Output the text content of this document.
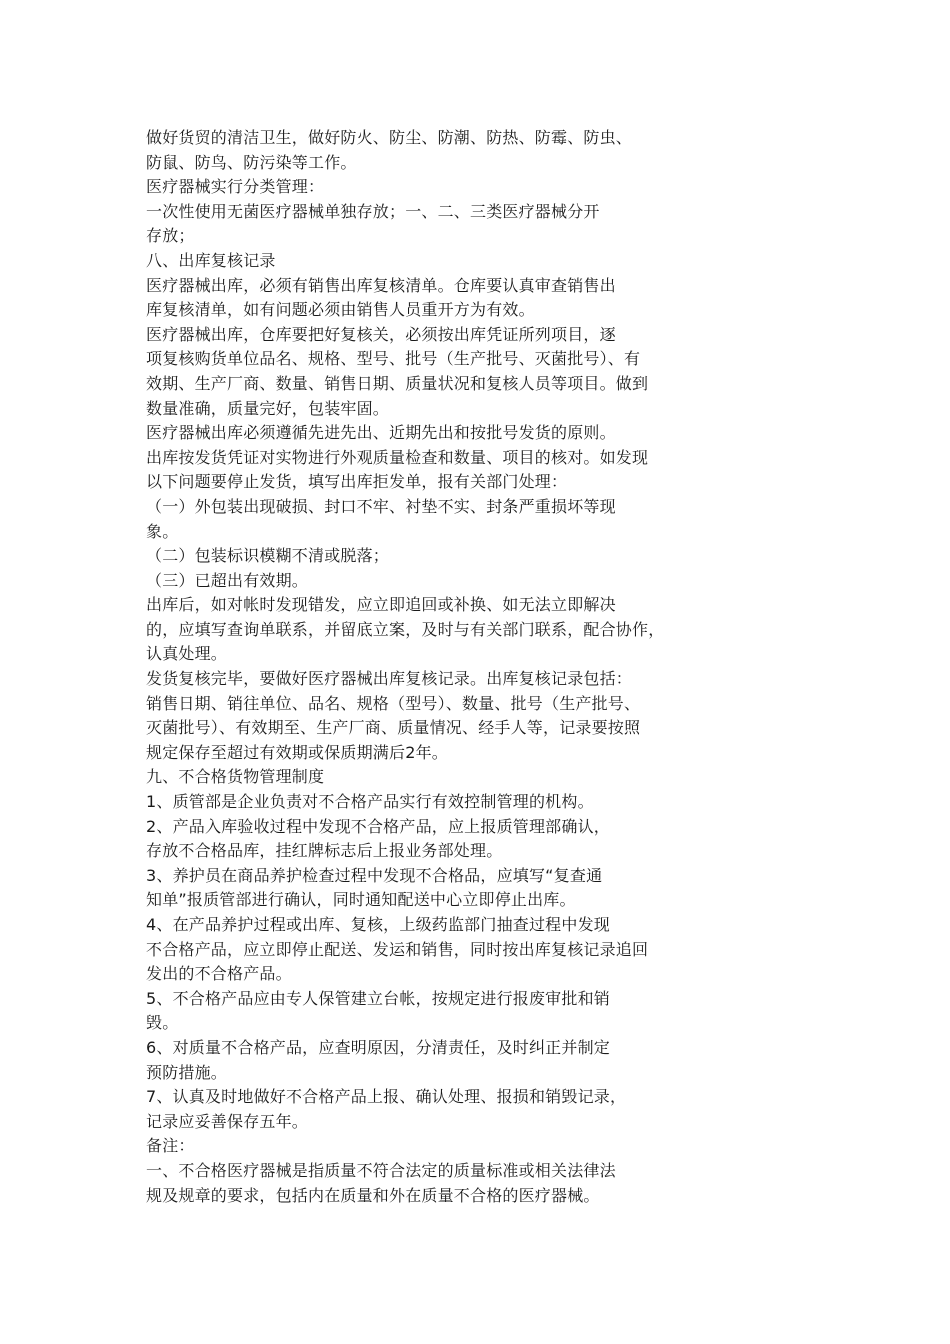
做好货贸的清洁卫生，做好防火、防尘、防潮、防热、防霉、防虫、
防鼠、防鸟、防污染等工作。
医疗器械实行分类管理：
一次性使用无菌医疗器械单独存放；一、二、三类医疗器械分开
存放；
八、出库复核记录
医疗器械出库，必须有销售出库复核清单。仓库要认真审查销售出
库复核清单，如有问题必须由销售人员重开方为有效。
医疗器械出库，仓库要把好复核关，必须按出库凭证所列项目，逐
项复核购货单位品名、规格、型号、批号（生产批号、灭菌批号）、有
效期、生产厂商、数量、销售日期、质量状况和复核人员等项目。做到
数量准确，质量完好，包装牢固。
医疗器械出库必须遵循先进先出、近期先出和按批号发货的原则。
出库按发货凭证对实物进行外观质量检查和数量、项目的核对。如发现
以下问题要停止发货，填写出库拒发单，报有关部门处理：
（一）外包装出现破损、封口不牢、衬垫不实、封条严重损坏等现
象。
（二）包装标识模糊不清或脱落；
（三）已超出有效期。
出库后，如对帐时发现错发，应立即追回或补换、如无法立即解决
的，应填写查询单联系，并留底立案，及时与有关部门联系，配合协作，
认真处理。
发货复核完毕，要做好医疗器械出库复核记录。出库复核记录包括：
销售日期、销往单位、品名、规格（型号）、数量、批号（生产批号、
灭菌批号）、有效期至、生产厂商、质量情况、经手人等，记录要按照
规定保存至超过有效期或保质期满后2年。
九、不合格货物管理制度
1、质管部是企业负责对不合格产品实行有效控制管理的机构。
2、产品入库验收过程中发现不合格产品，应上报质管理部确认，
存放不合格品库，挂红牌标志后上报业务部处理。
3、养护员在商品养护检查过程中发现不合格品，应填写“复查通
知单”报质管部进行确认，同时通知配送中心立即停止出库。
4、在产品养护过程或出库、复核，上级药监部门抽查过程中发现
不合格产品，应立即停止配送、发运和销售，同时按出库复核记录追回
发出的不合格产品。
5、不合格产品应由专人保管建立台帐，按规定进行报废审批和销
毁。
6、对质量不合格产品，应查明原因，分清责任，及时纠正并制定
预防措施。
7、认真及时地做好不合格产品上报、确认处理、报损和销毁记录，
记录应妥善保存五年。
备注：
一、不合格医疗器械是指质量不符合法定的质量标准或相关法律法
规及规章的要求，包括内在质量和外在质量不合格的医疗器械。
